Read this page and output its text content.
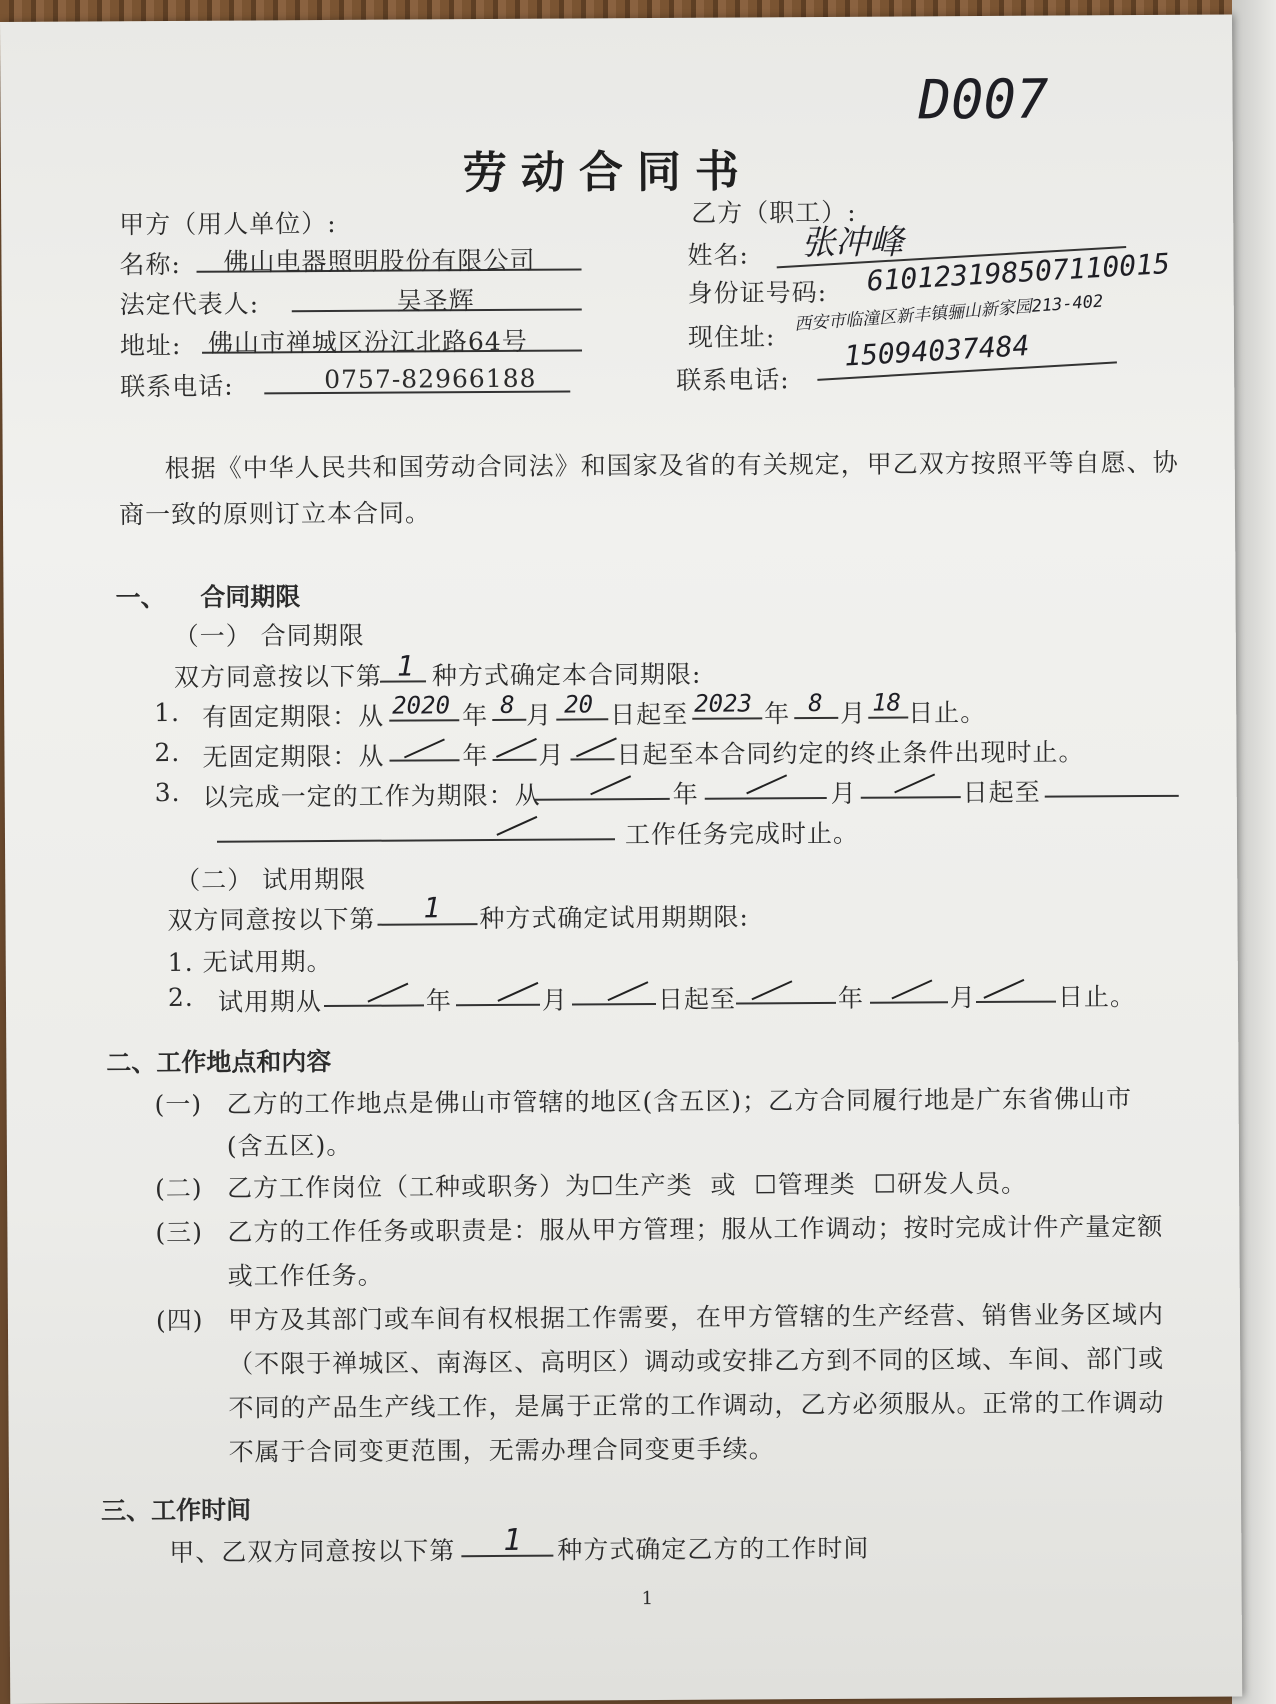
D007
劳动合同书
甲方（用人单位）:
名称: 佛山电器照明股份有限公司
法定代表人:	吴圣辉
地址: 佛山市禅城区汾江北路64号
联系电话:	0757-82966188
乙方（职工）:
姓名: 张冲峰
身份证号码: 610123198507110015
现住址:
西安市临潼区新丰镇骊山新家园213-402
联系电话:
15094037484
根据《中华人民共和国劳动合同法》和国家及省的有关规定，甲乙双方按照平等自愿、协
商一致的原则订立本合同。
一、    合同期限
（一） 合同期限
双方同意按以下第 1 种方式确定本合同期限:
1. 有固定期限：从 2020 年 8 月 20 日起至 2023 年 8 月 18 日止。
2. 无固定期限：从	年 月 日起至本合同约定的终止条件出现时止。
3. 以完成一定的工作为期限：从	年	月	日起至
工作任务完成时止。
（二） 试用期限
双方同意按以下第 1 种方式确定试用期期限:
1. 无试用期。
2. 试用期从	年	月	日起至	年	月	日止。
二、工作地点和内容
(一) 乙方的工作地点是佛山市管辖的地区(含五区)；乙方合同履行地是广东省佛山市
(含五区)。
(二) 乙方工作岗位（工种或职务）为☐生产类  或  ☐管理类  ☐研发人员。
(三) 乙方的工作任务或职责是：服从甲方管理；服从工作调动；按时完成计件产量定额
或工作任务。
(四) 甲方及其部门或车间有权根据工作需要，在甲方管辖的生产经营、销售业务区域内
（不限于禅城区、南海区、高明区）调动或安排乙方到不同的区域、车间、部门或
不同的产品生产线工作，是属于正常的工作调动，乙方必须服从。正常的工作调动
不属于合同变更范围，无需办理合同变更手续。
三、工作时间
甲、乙双方同意按以下第 1 种方式确定乙方的工作时间
1
